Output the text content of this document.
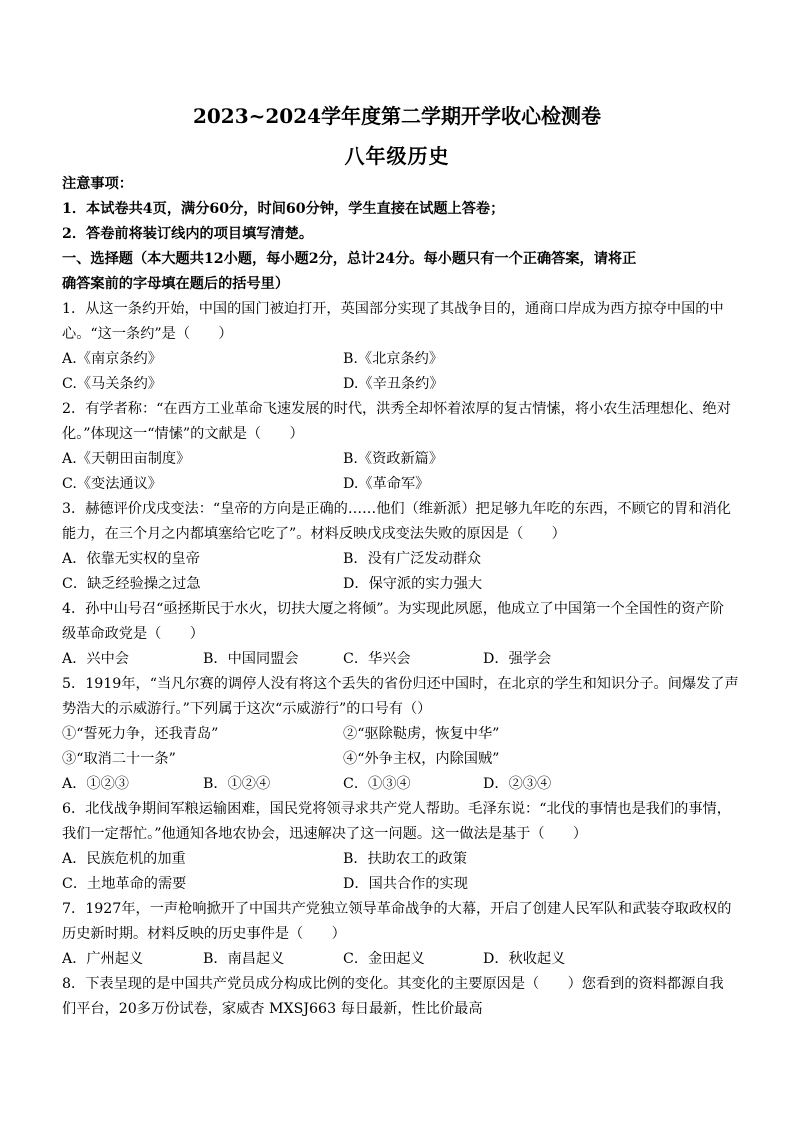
2023~2024学年度第二学期开学收心检测卷
八年级历史
注意事项：
1．本试卷共4页，满分60分，时间60分钟，学生直接在试题上答卷；
2．答卷前将装订线内的项目填写清楚。
一、选择题（本大题共12小题，每小题2分，总计24分。每小题只有一个正确答案，请将正
确答案前的字母填在题后的括号里）
1．从这一条约开始，中国的国门被迫打开，英国部分实现了其战争目的，通商口岸成为西方掠夺中国的中
心。“这一条约”是（　　）
A.《南京条约》	B.《北京条约》
C.《马关条约》	D.《辛丑条约》
2．有学者称：“在西方工业革命飞速发展的时代，洪秀全却怀着浓厚的复古情愫，将小农生活理想化、绝对
化。”体现这一“情愫”的文献是（　　）
A.《天朝田亩制度》	B.《资政新篇》
C.《变法通议》	D.《革命军》
3．赫德评价戊戌变法：“皇帝的方向是正确的……他们（维新派）把足够九年吃的东西，不顾它的胃和消化
能力，在三个月之内都填塞给它吃了”。材料反映戊戌变法失败的原因是（　　）
A．依靠无实权的皇帝	B．没有广泛发动群众
C．缺乏经验操之过急	D．保守派的实力强大
4．孙中山号召“亟拯斯民于水火，切扶大厦之将倾”。为实现此夙愿，他成立了中国第一个全国性的资产阶
级革命政党是（　　）
A．兴中会	B．中国同盟会	C．华兴会	D．强学会
5．1919年，“当凡尔赛的调停人没有将这个丢失的省份归还中国时，在北京的学生和知识分子。间爆发了声
势浩大的示威游行。”下列属于这次“示威游行”的口号有（）
①“誓死力争，还我青岛”	②“驱除鞑虏，恢复中华”
③“取消二十一条”	④“外争主权，内除国贼”
A．①②③	B．①②④	C．①③④	D．②③④
6．北伐战争期间军粮运输困难，国民党将领寻求共产党人帮助。毛泽东说：“北伐的事情也是我们的事情，
我们一定帮忙。”他通知各地农协会，迅速解决了这一问题。这一做法是基于（　　）
A．民族危机的加重	B．扶助农工的政策
C．土地革命的需要	D．国共合作的实现
7．1927年，一声枪响掀开了中国共产党独立领导革命战争的大幕，开启了创建人民军队和武装夺取政权的
历史新时期。材料反映的历史事件是（　　）
A．广州起义	B．南昌起义	C．金田起义	D．秋收起义
8．下表呈现的是中国共产党员成分构成比例的变化。其变化的主要原因是（　　）您看到的资料都源自我
们平台，20多万份试卷，家威杏 MXSJ663 每日最新，性比价最高
